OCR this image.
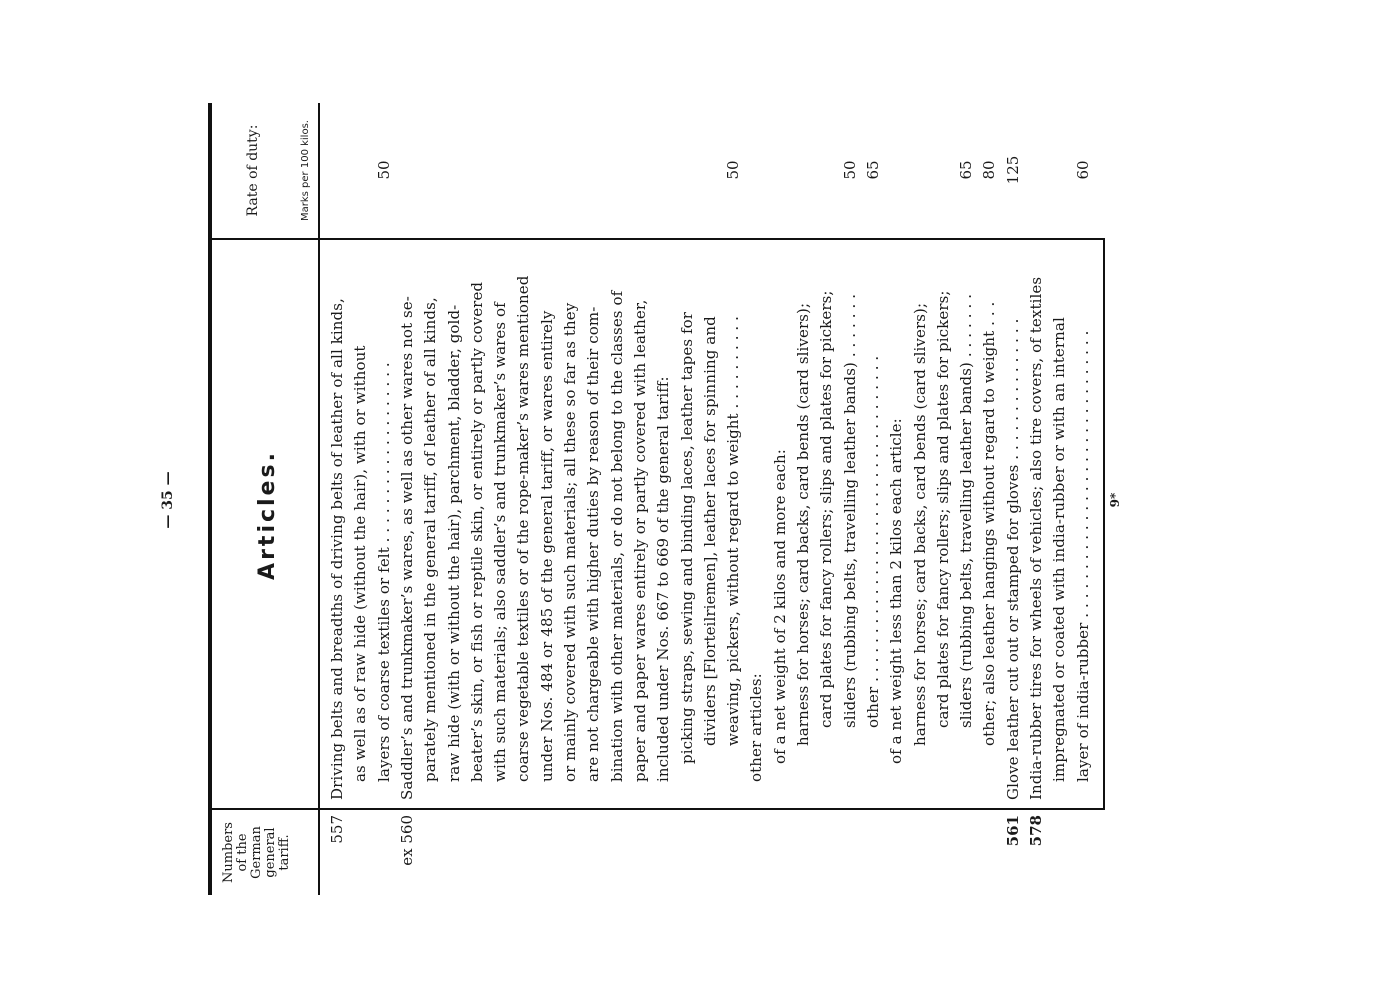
— 35 —
Numbers of the German general tariff.
Articles.
Rate of duty:	Marks per 100 kilos.
557
Driving belts and breadths of driving belts of leather of all kinds, as well as of raw hide (without the hair), with or without layers of coarse textiles or felt . . . . . . . . . . . . . . . . . . .
50
ex 560
Saddler’s and trunkmaker’s wares, as well as other wares not se- parately mentioned in the general tariff, of leather of all kinds, raw hide (with or without the hair), parchment, bladder, gold- beater’s skin, or fish or reptile skin, or entirely or partly covered with such materials; also saddler’s and trunkmaker’s wares of coarse vegetable textiles or of the rope-maker’s wares mentioned under Nos. 484 or 485 of the general tariff, or wares entirely or mainly covered with such materials; all these so far as they are not chargeable with higher duties by reason of their com- bination with other materials, or do not belong to the classes of paper and paper wares entirely or partly covered with leather, included under Nos. 667 to 669 of the general tariff: picking straps, sewing and binding laces, leather tapes for dividers [Florteilriemen], leather laces for spinning and weaving, pickers, without regard to weight . . . . . . . . . .
50
other articles: of a net weight of 2 kilos and more each: harness for horses; card backs, card bends (card slivers); card plates for fancy rollers; slips and plates for pickers; sliders (rubbing belts, travelling leather bands) . . . . . . .
50
other . . . . . . . . . . . . . . . . . . . . . . . . . . . . . . . . . .
65
of a net weight less than 2 kilos each article: harness for horses; card backs, card bends (card slivers); card plates for fancy rollers; slips and plates for pickers; sliders (rubbing belts, travelling leather bands) . . . . . . .
65
other; also leather hangings without regard to weight . . .
80
561
Glove leather cut out or stamped for gloves . . . . . . . . . . . . . . .
125
578
India-rubber tires for wheels of vehicles; also tire covers, of textiles impregnated or coated with india-rubber or with an internal layer of india-rubber . . . . . . . . . . . . . . . . . . . . . . . . . . . . . .
60
9*
